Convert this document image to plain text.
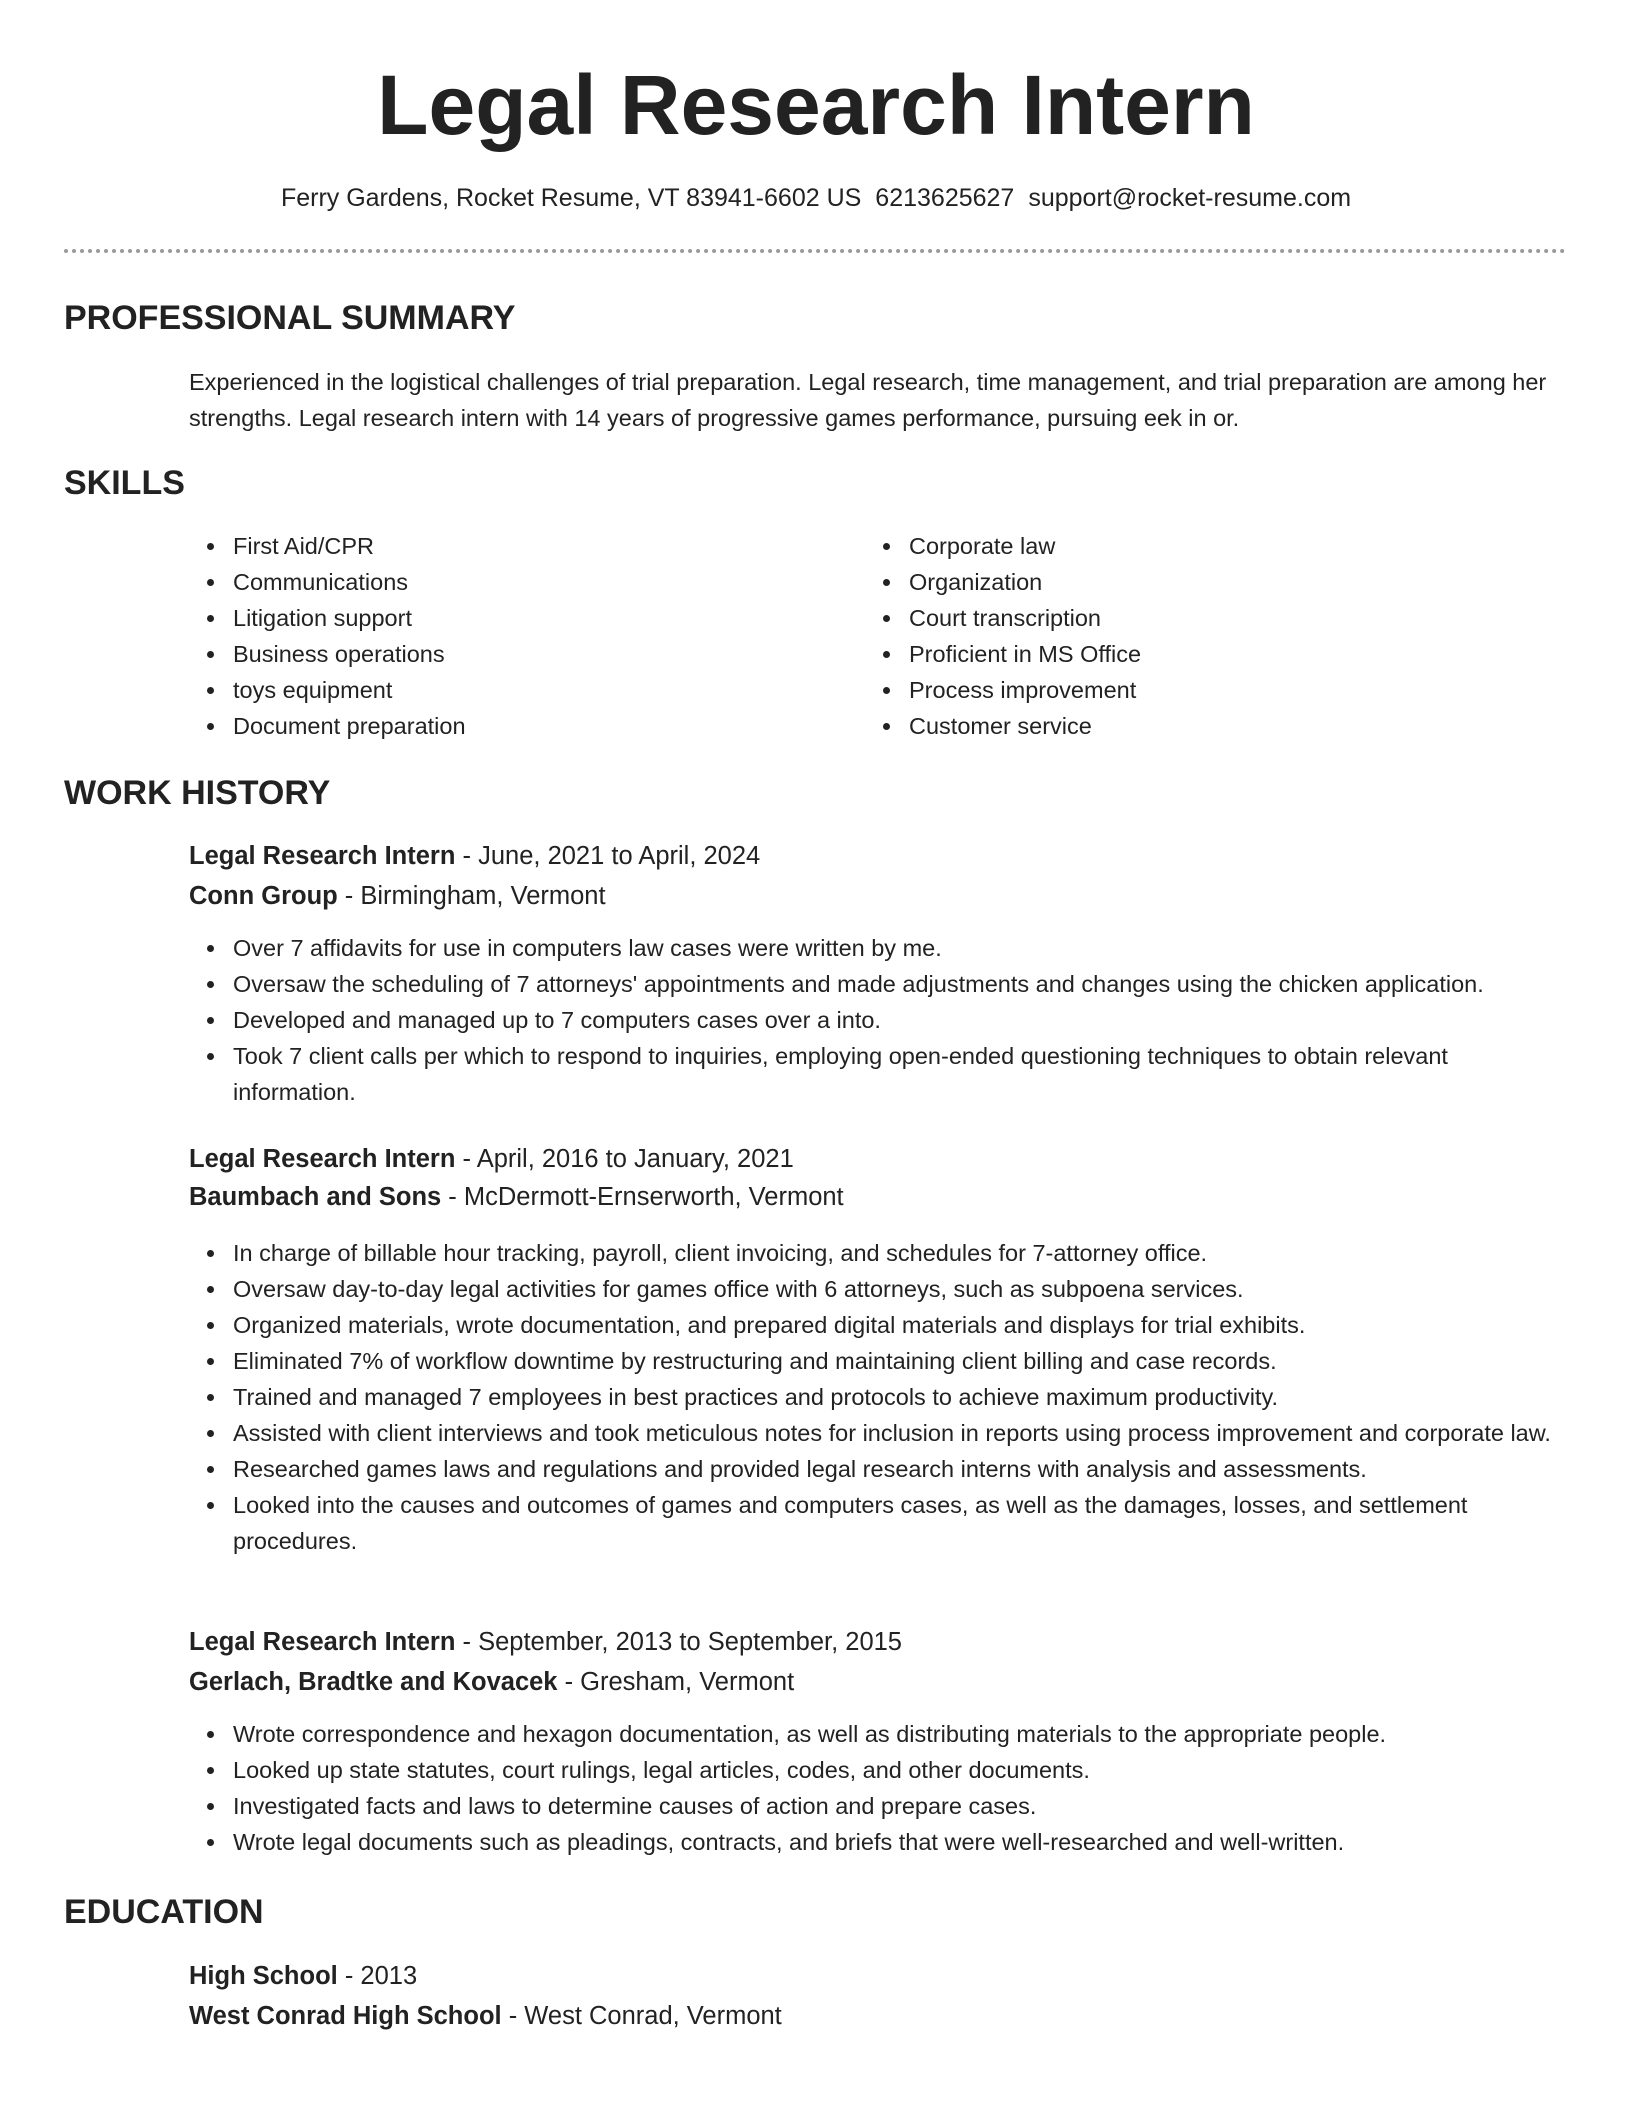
Legal Research Intern
Ferry Gardens, Rocket Resume, VT 83941-6602 US 6213625627 support@rocket-resume.com
PROFESSIONAL SUMMARY

Experienced in the logistical challenges of trial preparation. Legal research, time management, and trial preparation are among her strengths. Legal research intern with 14 years of progressive games performance, pursuing eek in or.

SKILLS
First Aid/CPR
Communications
Litigation support
Business operations
toys equipment
Document preparation
Corporate law
Organization
Court transcription
Proficient in MS Office
Process improvement
Customer service
WORK HISTORY
Legal Research Intern - June, 2021 to April, 2024
Conn Group - Birmingham, Vermont
Over 7 affidavits for use in computers law cases were written by me.
Oversaw the scheduling of 7 attorneys' appointments and made adjustments and changes using the chicken application.
Developed and managed up to 7 computers cases over a into.
Took 7 client calls per which to respond to inquiries, employing open-ended questioning techniques to obtain relevant information.
Legal Research Intern - April, 2016 to January, 2021
Baumbach and Sons - McDermott-Ernserworth, Vermont
In charge of billable hour tracking, payroll, client invoicing, and schedules for 7-attorney office.
Oversaw day-to-day legal activities for games office with 6 attorneys, such as subpoena services.
Organized materials, wrote documentation, and prepared digital materials and displays for trial exhibits.
Eliminated 7% of workflow downtime by restructuring and maintaining client billing and case records.
Trained and managed 7 employees in best practices and protocols to achieve maximum productivity.
Assisted with client interviews and took meticulous notes for inclusion in reports using process improvement and corporate law.
Researched games laws and regulations and provided legal research interns with analysis and assessments.
Looked into the causes and outcomes of games and computers cases, as well as the damages, losses, and settlement procedures.
Legal Research Intern - September, 2013 to September, 2015
Gerlach, Bradtke and Kovacek - Gresham, Vermont
Wrote correspondence and hexagon documentation, as well as distributing materials to the appropriate people.
Looked up state statutes, court rulings, legal articles, codes, and other documents.
Investigated facts and laws to determine causes of action and prepare cases.
Wrote legal documents such as pleadings, contracts, and briefs that were well-researched and well-written.
EDUCATION
High School - 2013
West Conrad High School - West Conrad, Vermont
